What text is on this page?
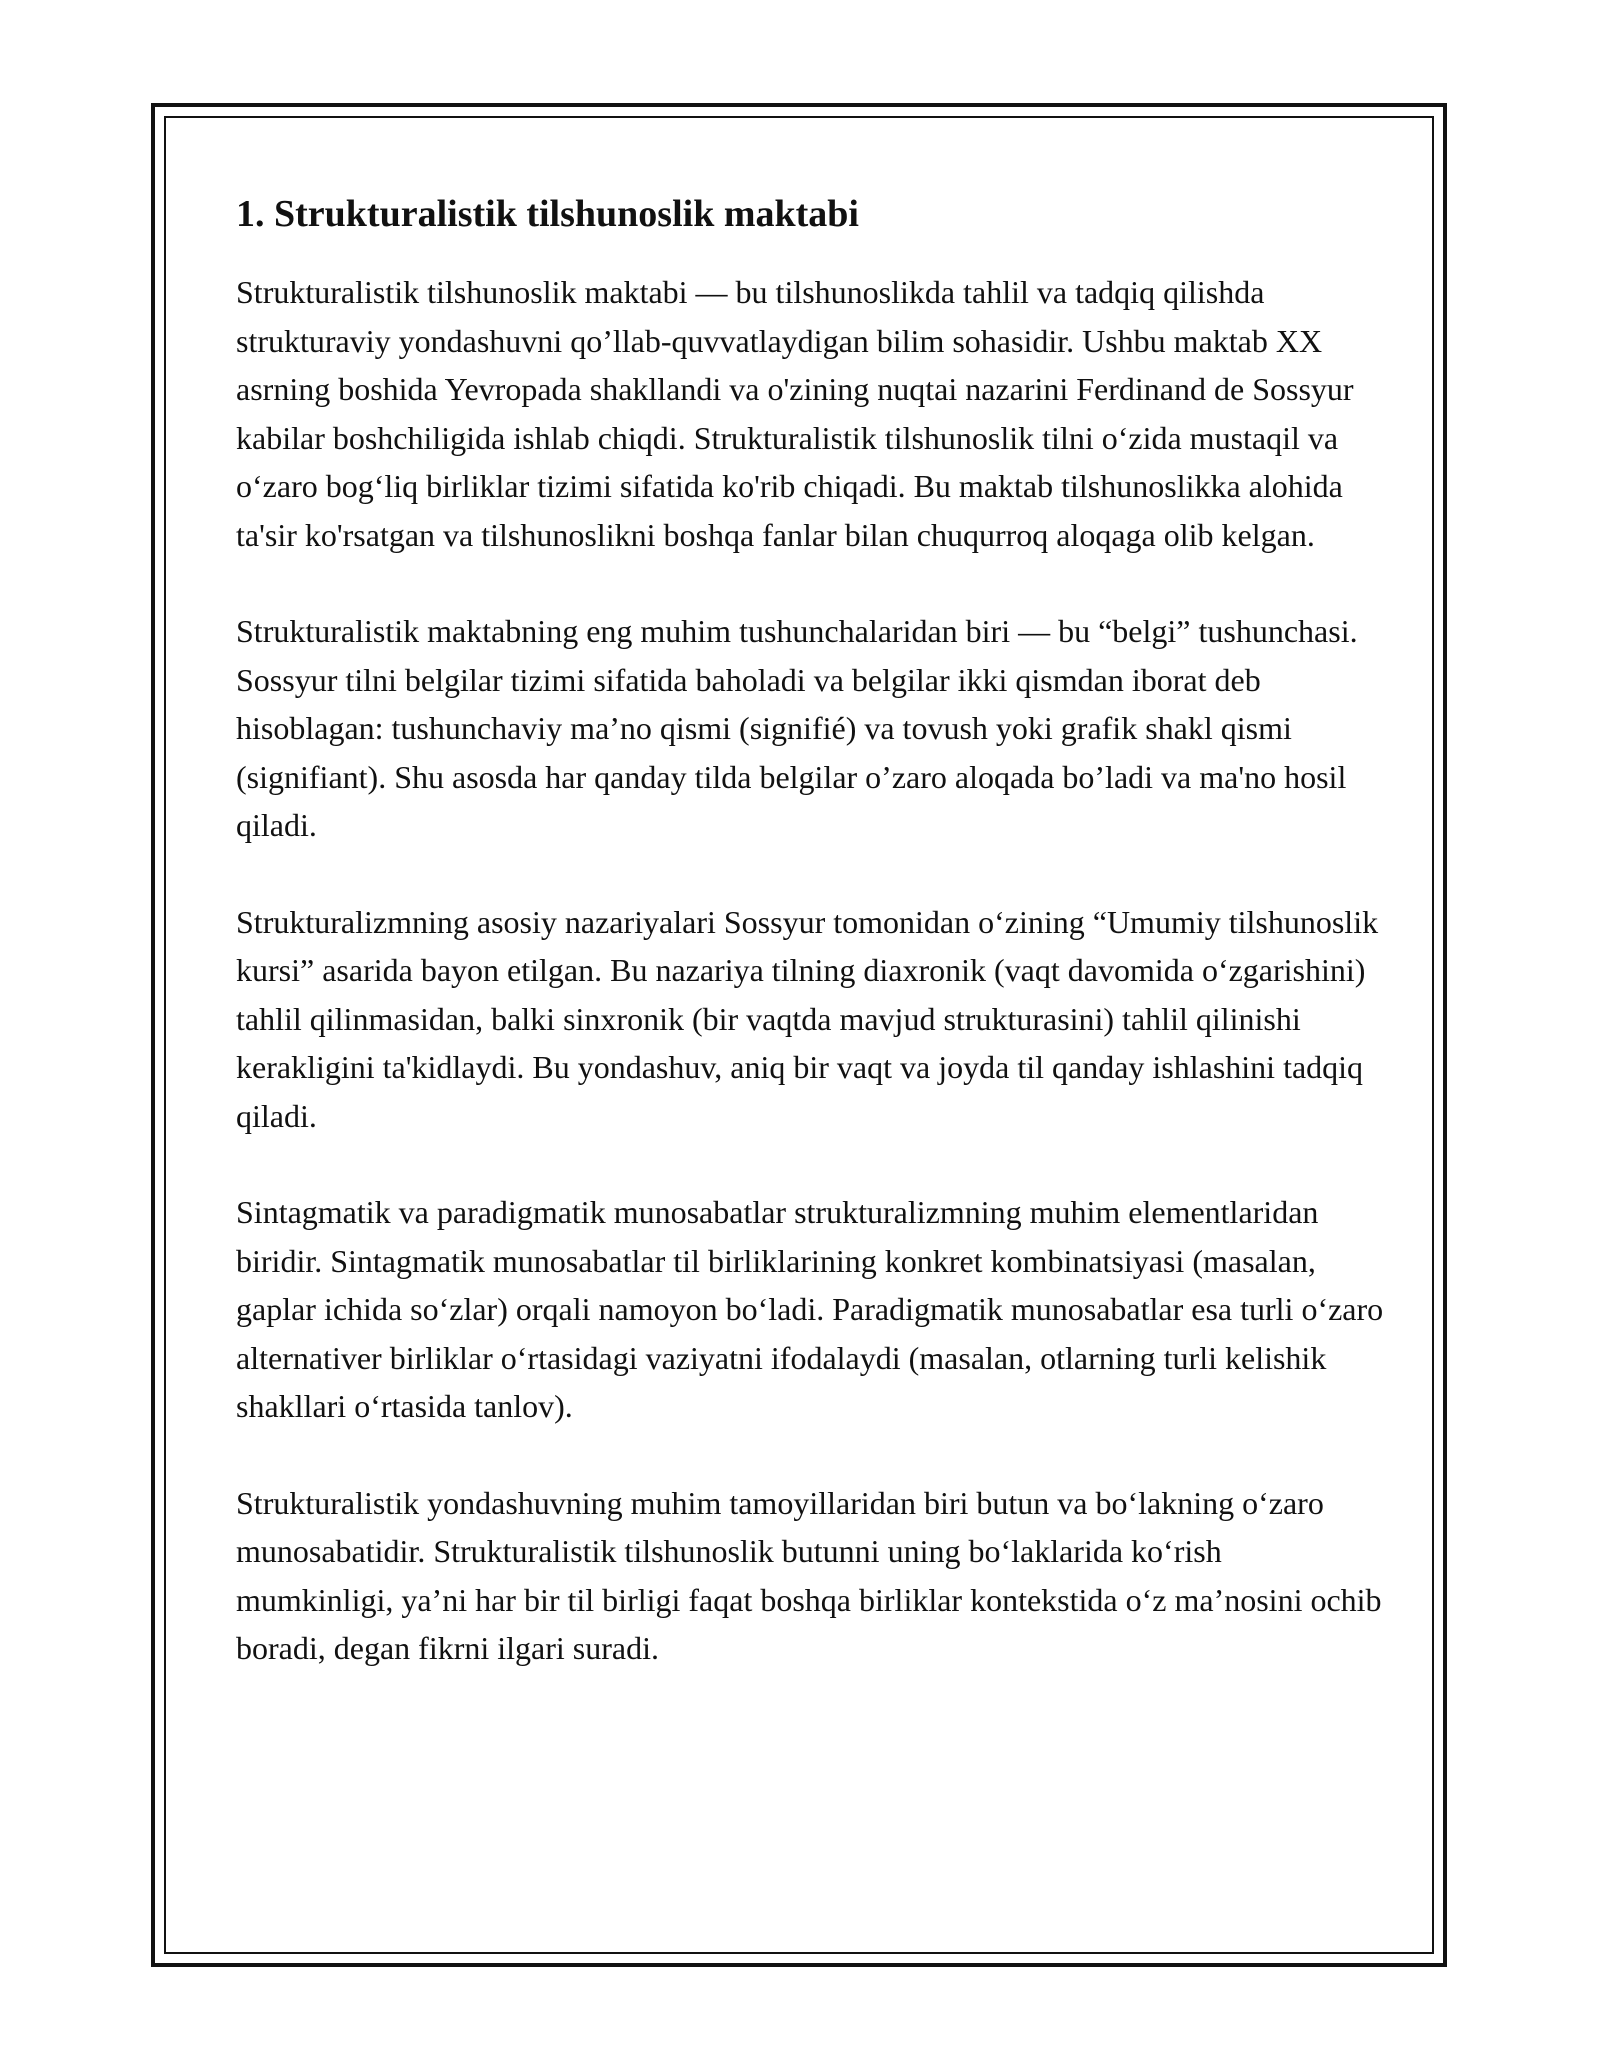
1. Strukturalistik tilshunoslik maktabi

Strukturalistik tilshunoslik maktabi — bu tilshunoslikda tahlil va tadqiq qilishda strukturaviy yondashuvni qo’llab-quvvatlaydigan bilim sohasidir. Ushbu maktab XX asrning boshida Yevropada shakllandi va o'zining nuqtai nazarini Ferdinand de Sossyur kabilar boshchiligida ishlab chiqdi. Strukturalistik tilshunoslik tilni o‘zida mustaqil va o‘zaro bog‘liq birliklar tizimi sifatida ko'rib chiqadi. Bu maktab tilshunoslikka alohida ta'sir ko'rsatgan va tilshunoslikni boshqa fanlar bilan chuqurroq aloqaga olib kelgan.

Strukturalistik maktabning eng muhim tushunchalaridan biri — bu “belgi” tushunchasi. Sossyur tilni belgilar tizimi sifatida baholadi va belgilar ikki qismdan iborat deb hisoblagan: tushunchaviy ma’no qismi (signifié) va tovush yoki grafik shakl qismi (signifiant). Shu asosda har qanday tilda belgilar o’zaro aloqada bo’ladi va ma'no hosil qiladi.

Strukturalizmning asosiy nazariyalari Sossyur tomonidan o‘zining “Umumiy tilshunoslik kursi” asarida bayon etilgan. Bu nazariya tilning diaxronik (vaqt davomida o‘zgarishini) tahlil qilinmasidan, balki sinxronik (bir vaqtda mavjud strukturasini) tahlil qilinishi kerakligini ta'kidlaydi. Bu yondashuv, aniq bir vaqt va joyda til qanday ishlashini tadqiq qiladi.

Sintagmatik va paradigmatik munosabatlar strukturalizmning muhim elementlaridan biridir. Sintagmatik munosabatlar til birliklarining konkret kombinatsiyasi (masalan, gaplar ichida so‘zlar) orqali namoyon bo‘ladi. Paradigmatik munosabatlar esa turli o‘zaro alternativer birliklar o‘rtasidagi vaziyatni ifodalaydi (masalan, otlarning turli kelishik shakllari o‘rtasida tanlov).

Strukturalistik yondashuvning muhim tamoyillaridan biri butun va bo‘lakning o‘zaro munosabatidir. Strukturalistik tilshunoslik butunni uning bo‘laklarida ko‘rish mumkinligi, ya’ni har bir til birligi faqat boshqa birliklar kontekstida o‘z ma’nosini ochib boradi, degan fikrni ilgari suradi.
